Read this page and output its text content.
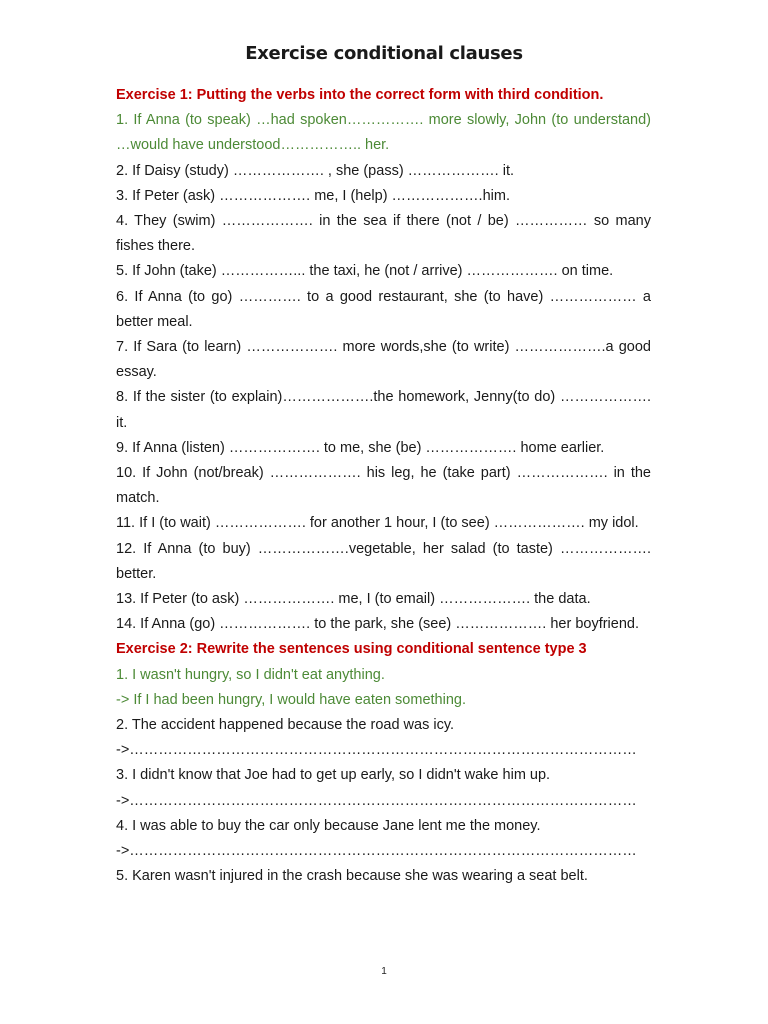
Exercise conditional clauses

Exercise 1: Putting the verbs into the correct form with third condition.

1. If Anna (to speak) …had spoken……………. more slowly, John (to understand) …would have understood…………….. her.

2. If Daisy (study) ………………. , she (pass) ………………. it.

3. If Peter (ask) ………………. me, I (help) ……………….him.

4. They (swim) ………………. in the sea if there (not / be) …………… so many fishes there.

5. If John (take) ……………... the taxi, he (not / arrive) ………………. on time.

6. If Anna (to go) …………. to a good restaurant, she (to have) ……………… a better meal.

7. If Sara (to learn) ………………. more words,she (to write) ……………….a good essay.

8. If the sister (to explain)……………….the homework, Jenny(to do) ………………. it.

9. If Anna (listen) ………………. to me, she (be) ………………. home earlier.

10. If John (not/break) ………………. his leg, he (take part) ………………. in the match.

11. If I (to wait) ………………. for another 1 hour, I (to see) ………………. my idol.

12. If Anna (to buy) ……………….vegetable, her salad (to taste) ………………. better.

13. If Peter (to ask) ………………. me, I (to email) ………………. the data.

14. If Anna (go) ………………. to the park, she (see) ………………. her boyfriend.

Exercise 2: Rewrite the sentences using conditional sentence type 3

1. I wasn't hungry, so I didn't eat anything.

-> If I had been hungry, I would have eaten something.

2. The accident happened because the road was icy.

->……………………………………………………………………………………………

3. I didn't know that Joe had to get up early, so I didn't wake him up.

->……………………………………………………………………………………………

4. I was able to buy the car only because Jane lent me the money.

->……………………………………………………………………………………………

5. Karen wasn't injured in the crash because she was wearing a seat belt.

1
